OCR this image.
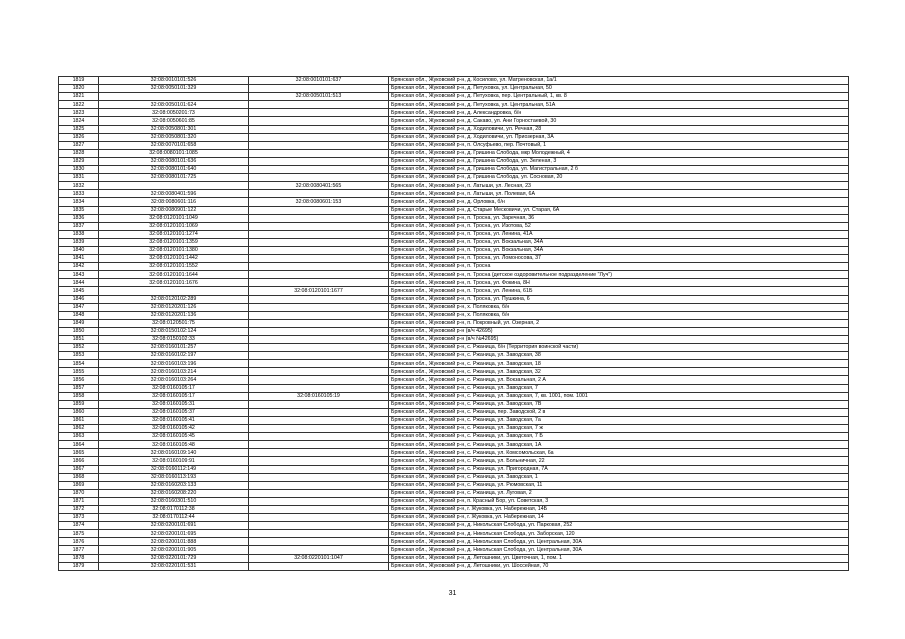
1819	32:08:0010101:526	32:08:0010101:637	Брянская обл., Жуковский р-н, д. Косилово, ул. Матреновская, 1а/1
1820	32:08:0050101:329		Брянская обл., Жуковский р-н, д. Петуховка, ул. Центральная, 50
1821		32:08:0050101:513	Брянская обл., Жуковский р-н, д. Петуховка, пер. Центральный, 1, кв. 8
1822	32:08:0050101:624		Брянская обл., Жуковский р-н, д. Петуховка, ул. Центральная, 51А
1823	32:08:0050201:73		Брянская обл., Жуковский р-н, д. Александровка, б/н
1824	32:08:0050601:85		Брянская обл., Жуковский р-н, д. Сакаво, ул. Ани Горностаевой, 30
1825	32:08:0050801:301		Брянская обл., Жуковский р-н, д. Ходиловичи, ул. Речная, 28
1826	32:08:0050801:320		Брянская обл., Жуковский р-н, д. Ходиловичи, ул. Приозерная, 3А
1827	32:08:0070101:658		Брянская обл., Жуковский р-н, п. Олсуфьево, пер. Почтовый, 1
1828	32:08:0080101:1085		Брянская обл., Жуковский р-н, д. Гришина Слобода, мкр Молодежный, 4
1829	32:08:0080101:636		Брянская обл., Жуковский р-н, д. Гришина Слобода, ул. Зеленая, 3
1830	32:08:0080101:640		Брянская обл., Жуковский р-н, д. Гришина Слобода, ул. Магистральная, 2 б
1831	32:08:0080101:725		Брянская обл., Жуковский р-н, д. Гришина Слобода, ул. Сосновая, 20
1832		32:08:0080401:565	Брянская обл., Жуковский р-н, п. Латыши, ул. Лесная, 23
1833	32:08:0080401:596		Брянская обл., Жуковский р-н, п. Латыши, ул. Полевая, 6А
1834	32:08:0080601:116	32:08:0080601:153	Брянская обл., Жуковский р-н, д. Орловка, б/н
1835	32:08:0080901:122		Брянская обл., Жуковский р-н, д. Старые Месковичи, ул. Старая, 6А
1836	32:08:0120101:1049		Брянская обл., Жуковский р-н, п. Тросна, ул. Заречная, 36
1837	32:08:0120101:1069		Брянская обл., Жуковский р-н, п. Тросна, ул. Изотова, 52
1838	32:08:0120101:1274		Брянская обл., Жуковский р-н, п. Тросна, ул. Ленина, 41А
1839	32:08:0120101:1359		Брянская обл., Жуковский р-н, п. Тросна, ул. Вокзальная, 34А
1840	32:08:0120101:1380		Брянская обл., Жуковский р-н, п. Тросна, ул. Вокзальная, 34А
1841	32:08:0120101:1442		Брянская обл., Жуковский р-н, п. Тросна, ул. Ломоносова, 37
1842	32:08:0120101:1552		Брянская обл., Жуковский р-н, п. Тросна
1843	32:08:0120101:1644		Брянская обл., Жуковский р-н, п. Тросна (детское оздоровительное подразделение "Луч")
1844	32:08:0120101:1676		Брянская обл., Жуковский р-н, п. Тросна, ул. Фокина, 8Н
1845		32:08:0120101:1677	Брянская обл., Жуковский р-н, п. Тросна, ул. Ленина, 61Б
1846	32:08:0120102:289		Брянская обл., Жуковский р-н, п. Тросна, ул. Пушкина, 6
1847	32:08:0120201:126		Брянская обл., Жуковский р-н, х. Поляковка, б/н
1848	32:08:0120201:136		Брянская обл., Жуковский р-н, х. Поляковка, б/н
1849	32:08:0120501:75		Брянская обл., Жуковский р-н, п. Покровный, ул. Озерная, 2
1850	32:08:0150102:124		Брянская обл., Жуковский р-н (в/ч 42695)
1851	32:08:0150102:33		Брянская обл., Жуковский р-н (в/ч №42695)
1852	32:08:0160101:257		Брянская обл., Жуковский р-н, с. Ржаница, б/н (Территория воинской части)
1853	32:08:0160102:197		Брянская обл., Жуковский р-н, с. Ржаница, ул. Заводская, 38
1854	32:08:0160103:196		Брянская обл., Жуковский р-н, с. Ржаница, ул. Заводская, 18
1855	32:08:0160103:214		Брянская обл., Жуковский р-н, с. Ржаница, ул. Заводская, 32
1856	32:08:0160103:264		Брянская обл., Жуковский р-н, с. Ржаница, ул. Вокзальная, 2 А
1857	32:08:0160105:17		Брянская обл., Жуковский р-н, с. Ржаница, ул. Заводская, 7
1858	32:08:0160105:17	32:08:0160105:19	Брянская обл., Жуковский р-н, с. Ржаница, ул. Заводская, 7, кв. 1001, пом. 1001
1859	32:08:0160105:31		Брянская обл., Жуковский р-н, с. Ржаница, ул. Заводская, 7В
1860	32:08:0160105:37		Брянская обл., Жуковский р-н, с. Ржаница, пер. Заводской, 2 в
1861	32:08:0160105:41		Брянская обл., Жуковский р-н, с. Ржаница, ул. Заводская, 7а
1862	32:08:0160105:42		Брянская обл., Жуковский р-н, с. Ржаница, ул. Заводская, 7 ж
1863	32:08:0160105:45		Брянская обл., Жуковский р-н, с. Ржаница, ул. Заводская, 7 Б
1864	32:08:0160105:48		Брянская обл., Жуковский р-н, с. Ржаница, ул. Заводская, 1А
1865	32:08:0160109:140		Брянская обл., Жуковский р-н, с. Ржаница, ул. Комсомольская, 6а
1866	32:08:0160109:91		Брянская обл., Жуковский р-н, с. Ржаница, ул. Больничная, 22
1867	32:08:0160112:149		Брянская обл., Жуковский р-н, с. Ржаница, ул. Пригородная, 7А
1868	32:08:0160113:193		Брянская обл., Жуковский р-н, с. Ржаница, ул. Заводская, 1
1869	32:08:0160203:133		Брянская обл., Жуковский р-н, с. Ржаница, ул. Рюмовская, 11
1870	32:08:0160208:220		Брянская обл., Жуковский р-н, с. Ржаница, ул. Луговая, 2
1871	32:08:0160301:510		Брянская обл., Жуковский р-н, п. Красный Бор, ул. Советская, 3
1872	32:08:0170112:38		Брянская обл., Жуковский р-н, г. Жуковка, ул. Набережная, 14Б
1873	32:08:0170112:44		Брянская обл., Жуковский р-н, г. Жуковка, ул. Набережная, 14
1874	32:08:0200101:691		Брянская обл., Жуковский р-н, д. Никольская Слобода, ул. Парковая, 252
1875	32:08:0200101:695		Брянская обл., Жуковский р-н, д. Никольская Слобода, ул. Заборская, 120
1876	32:08:0200101:888		Брянская обл., Жуковский р-н, д. Никольская Слобода, ул. Центральная, 30А
1877	32:08:0200101:905		Брянская обл., Жуковский р-н, д. Никольская Слобода, ул. Центральная, 30А
1878	32:08:0220101:729	32:08:0220101:1047	Брянская обл., Жуковский р-н, д. Летошники, ул. Цветочная, 1, пом. 1
1879	32:08:0220101:531		Брянская обл., Жуковский р-н, д. Летошники, ул. Шоссейная, 70
31
